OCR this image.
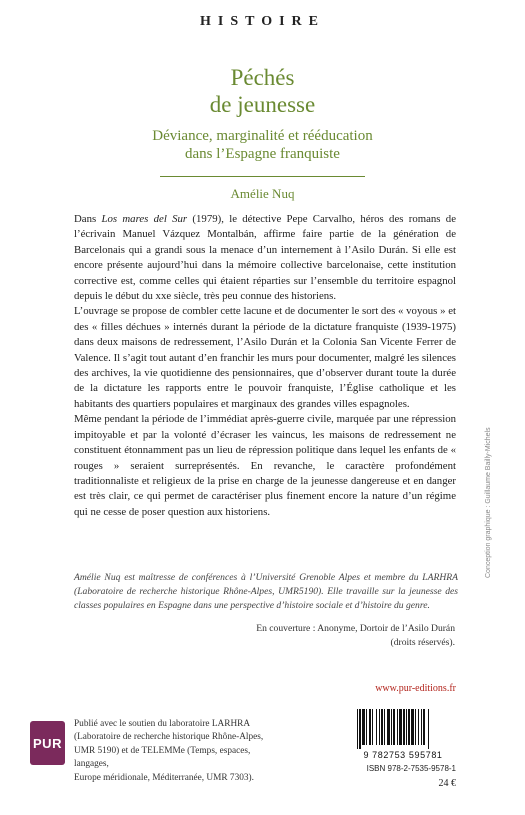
HISTOIRE
Péchés
de jeunesse
Déviance, marginalité et rééducation
dans l’Espagne franquiste
Amélie Nuq

Dans Los mares del Sur (1979), le détective Pepe Carvalho, héros des romans de l’écrivain Manuel Vázquez Montalbán, affirme faire partie de la génération de Barcelonais qui a grandi sous la menace d’un internement à l’Asilo Durán. Si elle est encore présente aujourd’hui dans la mémoire collective barcelonaise, cette institution corrective est, comme celles qui étaient réparties sur l’ensemble du territoire espagnol depuis le début du xxe siècle, très peu connue des historiens.

L’ouvrage se propose de combler cette lacune et de documenter le sort des « voyous » et des « filles déchues » internés durant la période de la dictature franquiste (1939-1975) dans deux maisons de redressement, l’Asilo Durán et la Colonia San Vicente Ferrer de Valence. Il s’agit tout autant d’en franchir les murs pour documenter, malgré les silences des archives, la vie quotidienne des pensionnaires, que d’observer durant toute la durée de la dictature les rapports entre le pouvoir franquiste, l’Église catholique et les habitants des quartiers populaires et marginaux des grandes villes espagnoles.

Même pendant la période de l’immédiat après-guerre civile, marquée par une répression impitoyable et par la volonté d’écraser les vaincus, les maisons de redressement ne constituent étonnamment pas un lieu de répression politique dans lequel les enfants de « rouges » seraient surreprésentés. En revanche, le caractère profondément traditionnaliste et religieux de la prise en charge de la jeunesse dangereuse et en danger est très clair, ce qui permet de caractériser plus finement encore la nature d’un régime qui ne cesse de poser question aux historiens.

Amélie Nuq est maîtresse de conférences à l’Université Grenoble Alpes et membre du LARHRA (Laboratoire de recherche historique Rhône-Alpes, UMR5190). Elle travaille sur la jeunesse des classes populaires en Espagne dans une perspective d’histoire sociale et d’histoire du genre.
En couverture : Anonyme, Dortoir de l’Asilo Durán
(droits réservés).
www.pur-editions.fr
PUR
Publié avec le soutien du laboratoire LARHRA
(Laboratoire de recherche historique Rhône-Alpes,
UMR 5190) et de TELEMMe (Temps, espaces, langages,
Europe méridionale, Méditerranée, UMR 7303).
9 782753 595781
ISBN 978-2-7535-9578-1
24 €
Conception graphique : Guillaume Bailly-Michels
